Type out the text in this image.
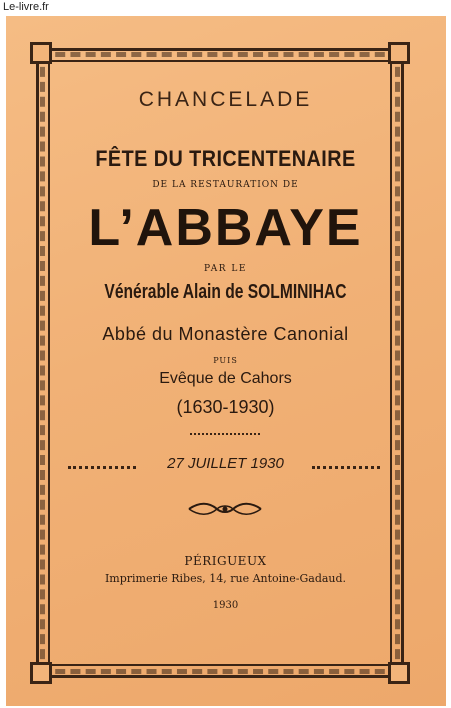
Le-livre.fr
CHANCELADE
FÊTE DU TRICENTENAIRE
DE LA RESTAURATION DE
L’ABBAYE
PAR LE
Vénérable Alain de SOLMINIHAC
Abbé du Monastère Canonial
PUIS
Evêque de Cahors
(1630-1930)
27 JUILLET 1930
PÉRIGUEUX
Imprimerie Ribes, 14, rue Antoine-Gadaud.
1930
